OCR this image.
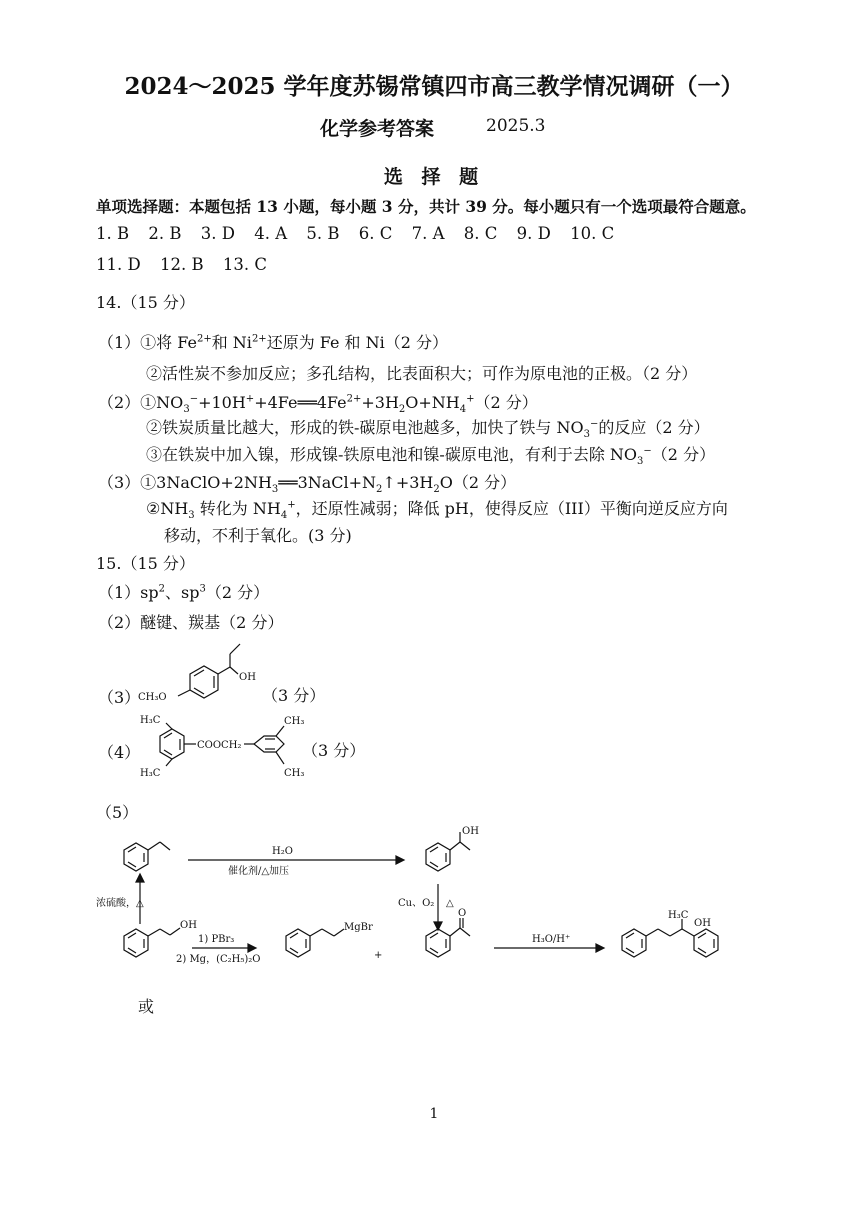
2024～2025 学年度苏锡常镇四市高三教学情况调研（一）
化学参考答案	2025.3
选 择 题
单项选择题：本题包括 13 小题，每小题 3 分，共计 39 分。每小题只有一个选项最符合题意。
1. B 2. B 3. D 4. A 5. B 6. C 7. A 8. C 9. D 10. C
11. D 12. B 13. C
14.（15 分）
（1）①将 $Fe^{2+}$和 $Ni^{2+}$还原为 Fe 和 Ni（2 分）
②活性炭不参加反应；多孔结构，比表面积大；可作为原电池的正极。（2 分）
$(2)①NO_3^-+10H^++4Fe══4Fe^{2+}+3H_2O+NH_4^+(2$ 分）
②铁炭质量比越大，形成的铁-碳原电池越多，加快了铁与 $NO_3^-$的反应（2 分）
③在铁炭中加入镍，形成镍-铁原电池和镍-碳原电池，有利于去除 $NO_3^-(2$ 分）
$(3)①3NaClO+2NH_3══3NaCl+N_2↑+3H_2O(2$ 分）
$②NH_3$ 转化为 $NH_4^+$，还原性减弱；降低 pH，使得反应（III）平衡向逆反应方向
移动，不利于氧化。(3 分)
15.（15 分）
$(1)sp^2$、$sp^3(2$ 分）
（2）醚键、羰基（2 分）
（3）	（3 分）
OH
CH₃O
（4）	（3 分）
H₃C
H₃C
COOCH₂
CH₃
CH₃
（5）
H₂O
催化剂/△加压
OH
浓硫酸，△	Cu、O₂ △
OH
1) PBr₃
2) Mg，(C₂H₅)₂O
MgBr
+
O
H₃O/H⁺
H₃C
OH
或
1
